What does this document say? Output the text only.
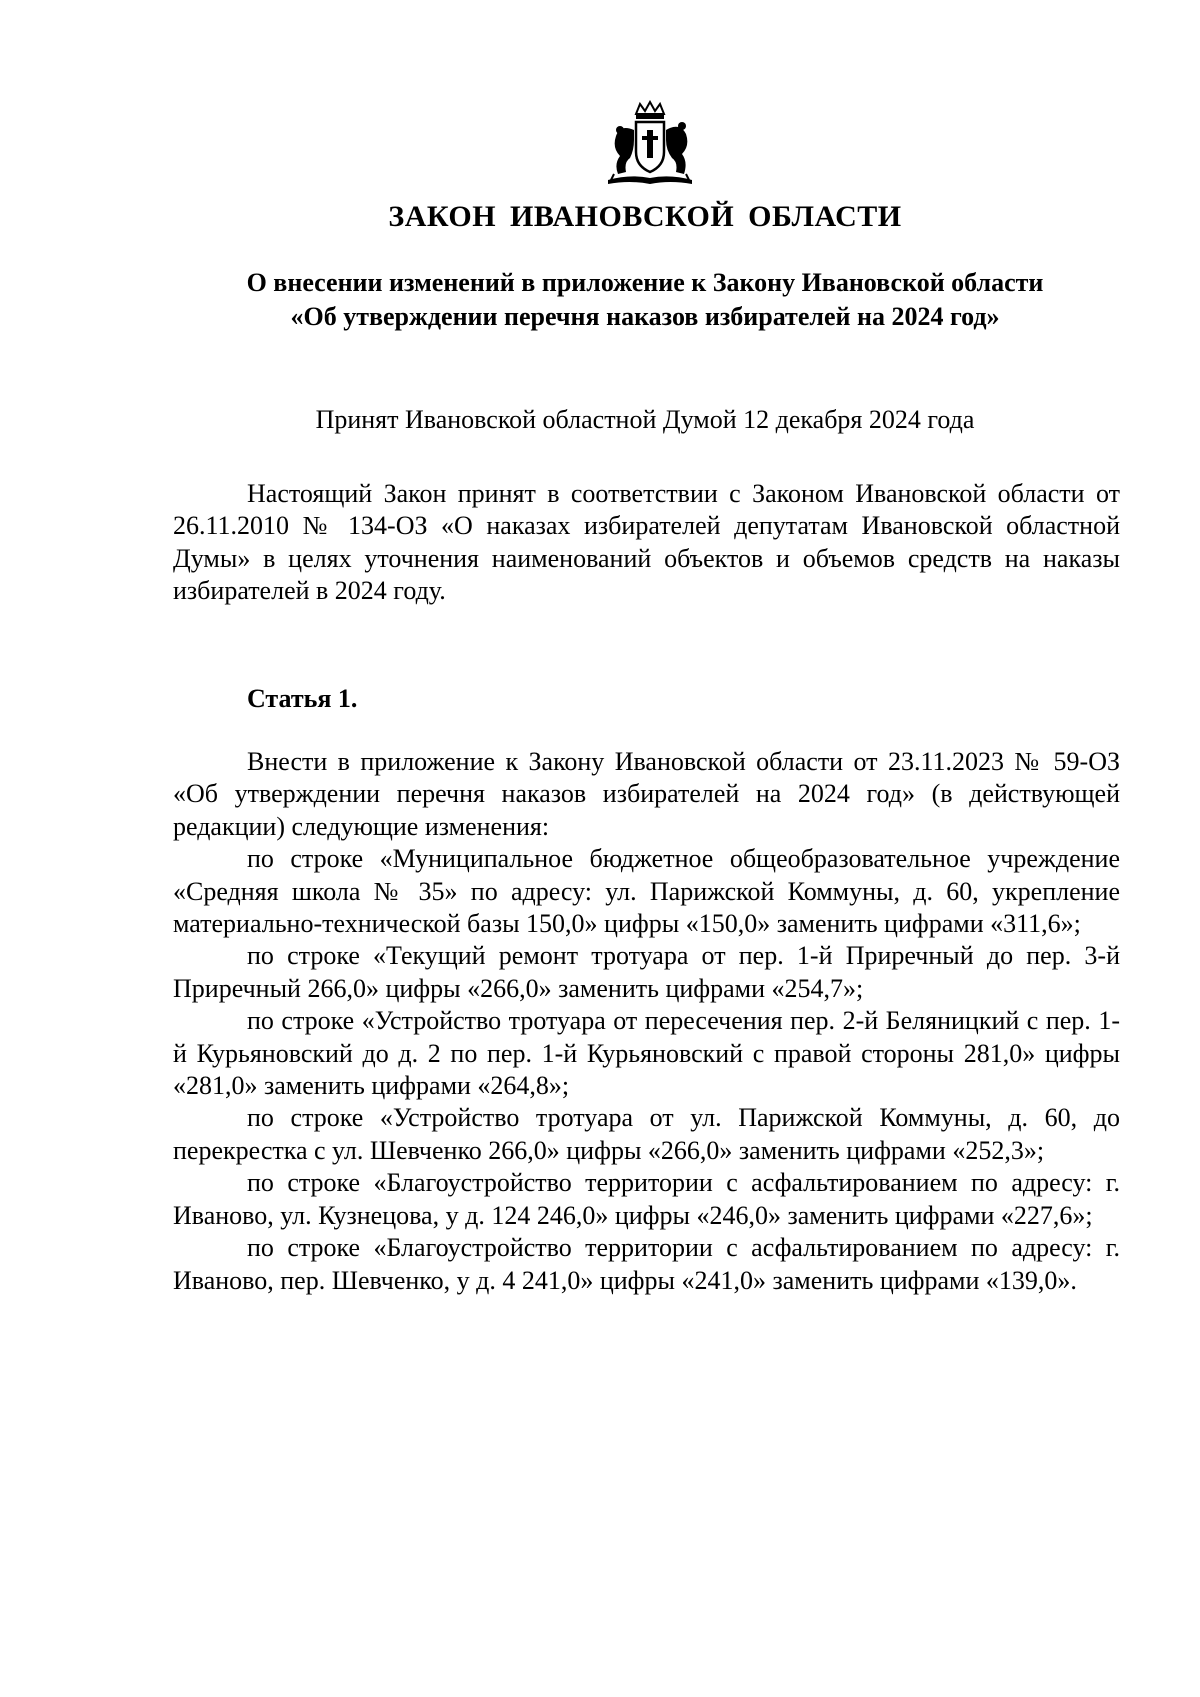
ЗАКОН ИВАНОВСКОЙ ОБЛАСТИ
О внесении изменений в приложение к Закону Ивановской области
«Об утверждении перечня наказов избирателей на 2024 год»

Принят Ивановской областной Думой 12 декабря 2024 года

Настоящий Закон принят в соответствии с Законом Ивановской области от 26.11.2010 № 134-ОЗ «О наказах избирателей депутатам Ивановской областной Думы» в целях уточнения наименований объектов и объемов средств на наказы избирателей в 2024 году.

Статья 1.

Внести в приложение к Закону Ивановской области от 23.11.2023 № 59-ОЗ «Об утверждении перечня наказов избирателей на 2024 год» (в действующей редакции) следующие изменения:

по строке «Муниципальное бюджетное общеобразовательное учреждение «Средняя школа № 35» по адресу: ул. Парижской Коммуны, д. 60, укрепление материально-технической базы 150,0» цифры «150,0» заменить цифрами «311,6»;

по строке «Текущий ремонт тротуара от пер. 1-й Приречный до пер. 3-й Приречный 266,0» цифры «266,0» заменить цифрами «254,7»;

по строке «Устройство тротуара от пересечения пер. 2-й Беляницкий с пер. 1-й Курьяновский до д. 2 по пер. 1-й Курьяновский с правой стороны 281,0» цифры «281,0» заменить цифрами «264,8»;

по строке «Устройство тротуара от ул. Парижской Коммуны, д. 60, до перекрестка с ул. Шевченко 266,0» цифры «266,0» заменить цифрами «252,3»;

по строке «Благоустройство территории с асфальтированием по адресу: г. Иваново, ул. Кузнецова, у д. 124 246,0» цифры «246,0» заменить цифрами «227,6»;

по строке «Благоустройство территории с асфальтированием по адресу: г. Иваново, пер. Шевченко, у д. 4 241,0» цифры «241,0» заменить цифрами «139,0».
